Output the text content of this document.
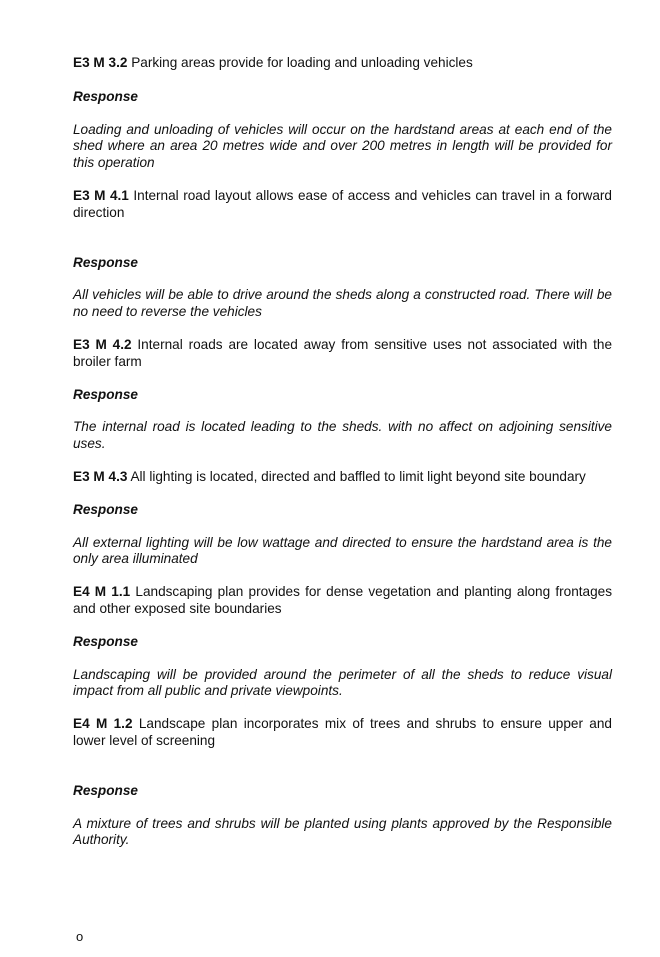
E3 M 3.2 Parking areas provide for loading and unloading vehicles

Response

Loading and unloading of vehicles will occur on the hardstand areas at each end of the shed where an area 20 metres wide and over 200 metres in length will be provided for this operation

E3 M 4.1 Internal road layout allows ease of access and vehicles can travel in a forward direction

Response

All vehicles will be able to drive around the sheds along a constructed road. There will be no need to reverse the vehicles

E3 M 4.2 Internal roads are located away from sensitive uses not associated with the broiler farm

Response

The internal road is located leading to the sheds. with no affect on adjoining sensitive uses.

E3 M 4.3 All lighting is located, directed and baffled to limit light beyond site boundary

Response

All external lighting will be low wattage and directed to ensure the hardstand area is the only area illuminated

E4 M 1.1 Landscaping plan provides for dense vegetation and planting along frontages and other exposed site boundaries

Response

Landscaping will be provided around the perimeter of all the sheds to reduce visual impact from all public and private viewpoints.

E4 M 1.2 Landscape plan incorporates mix of trees and shrubs to ensure upper and lower level of screening

Response

A mixture of trees and shrubs will be planted using plants approved by the Responsible Authority.

o
